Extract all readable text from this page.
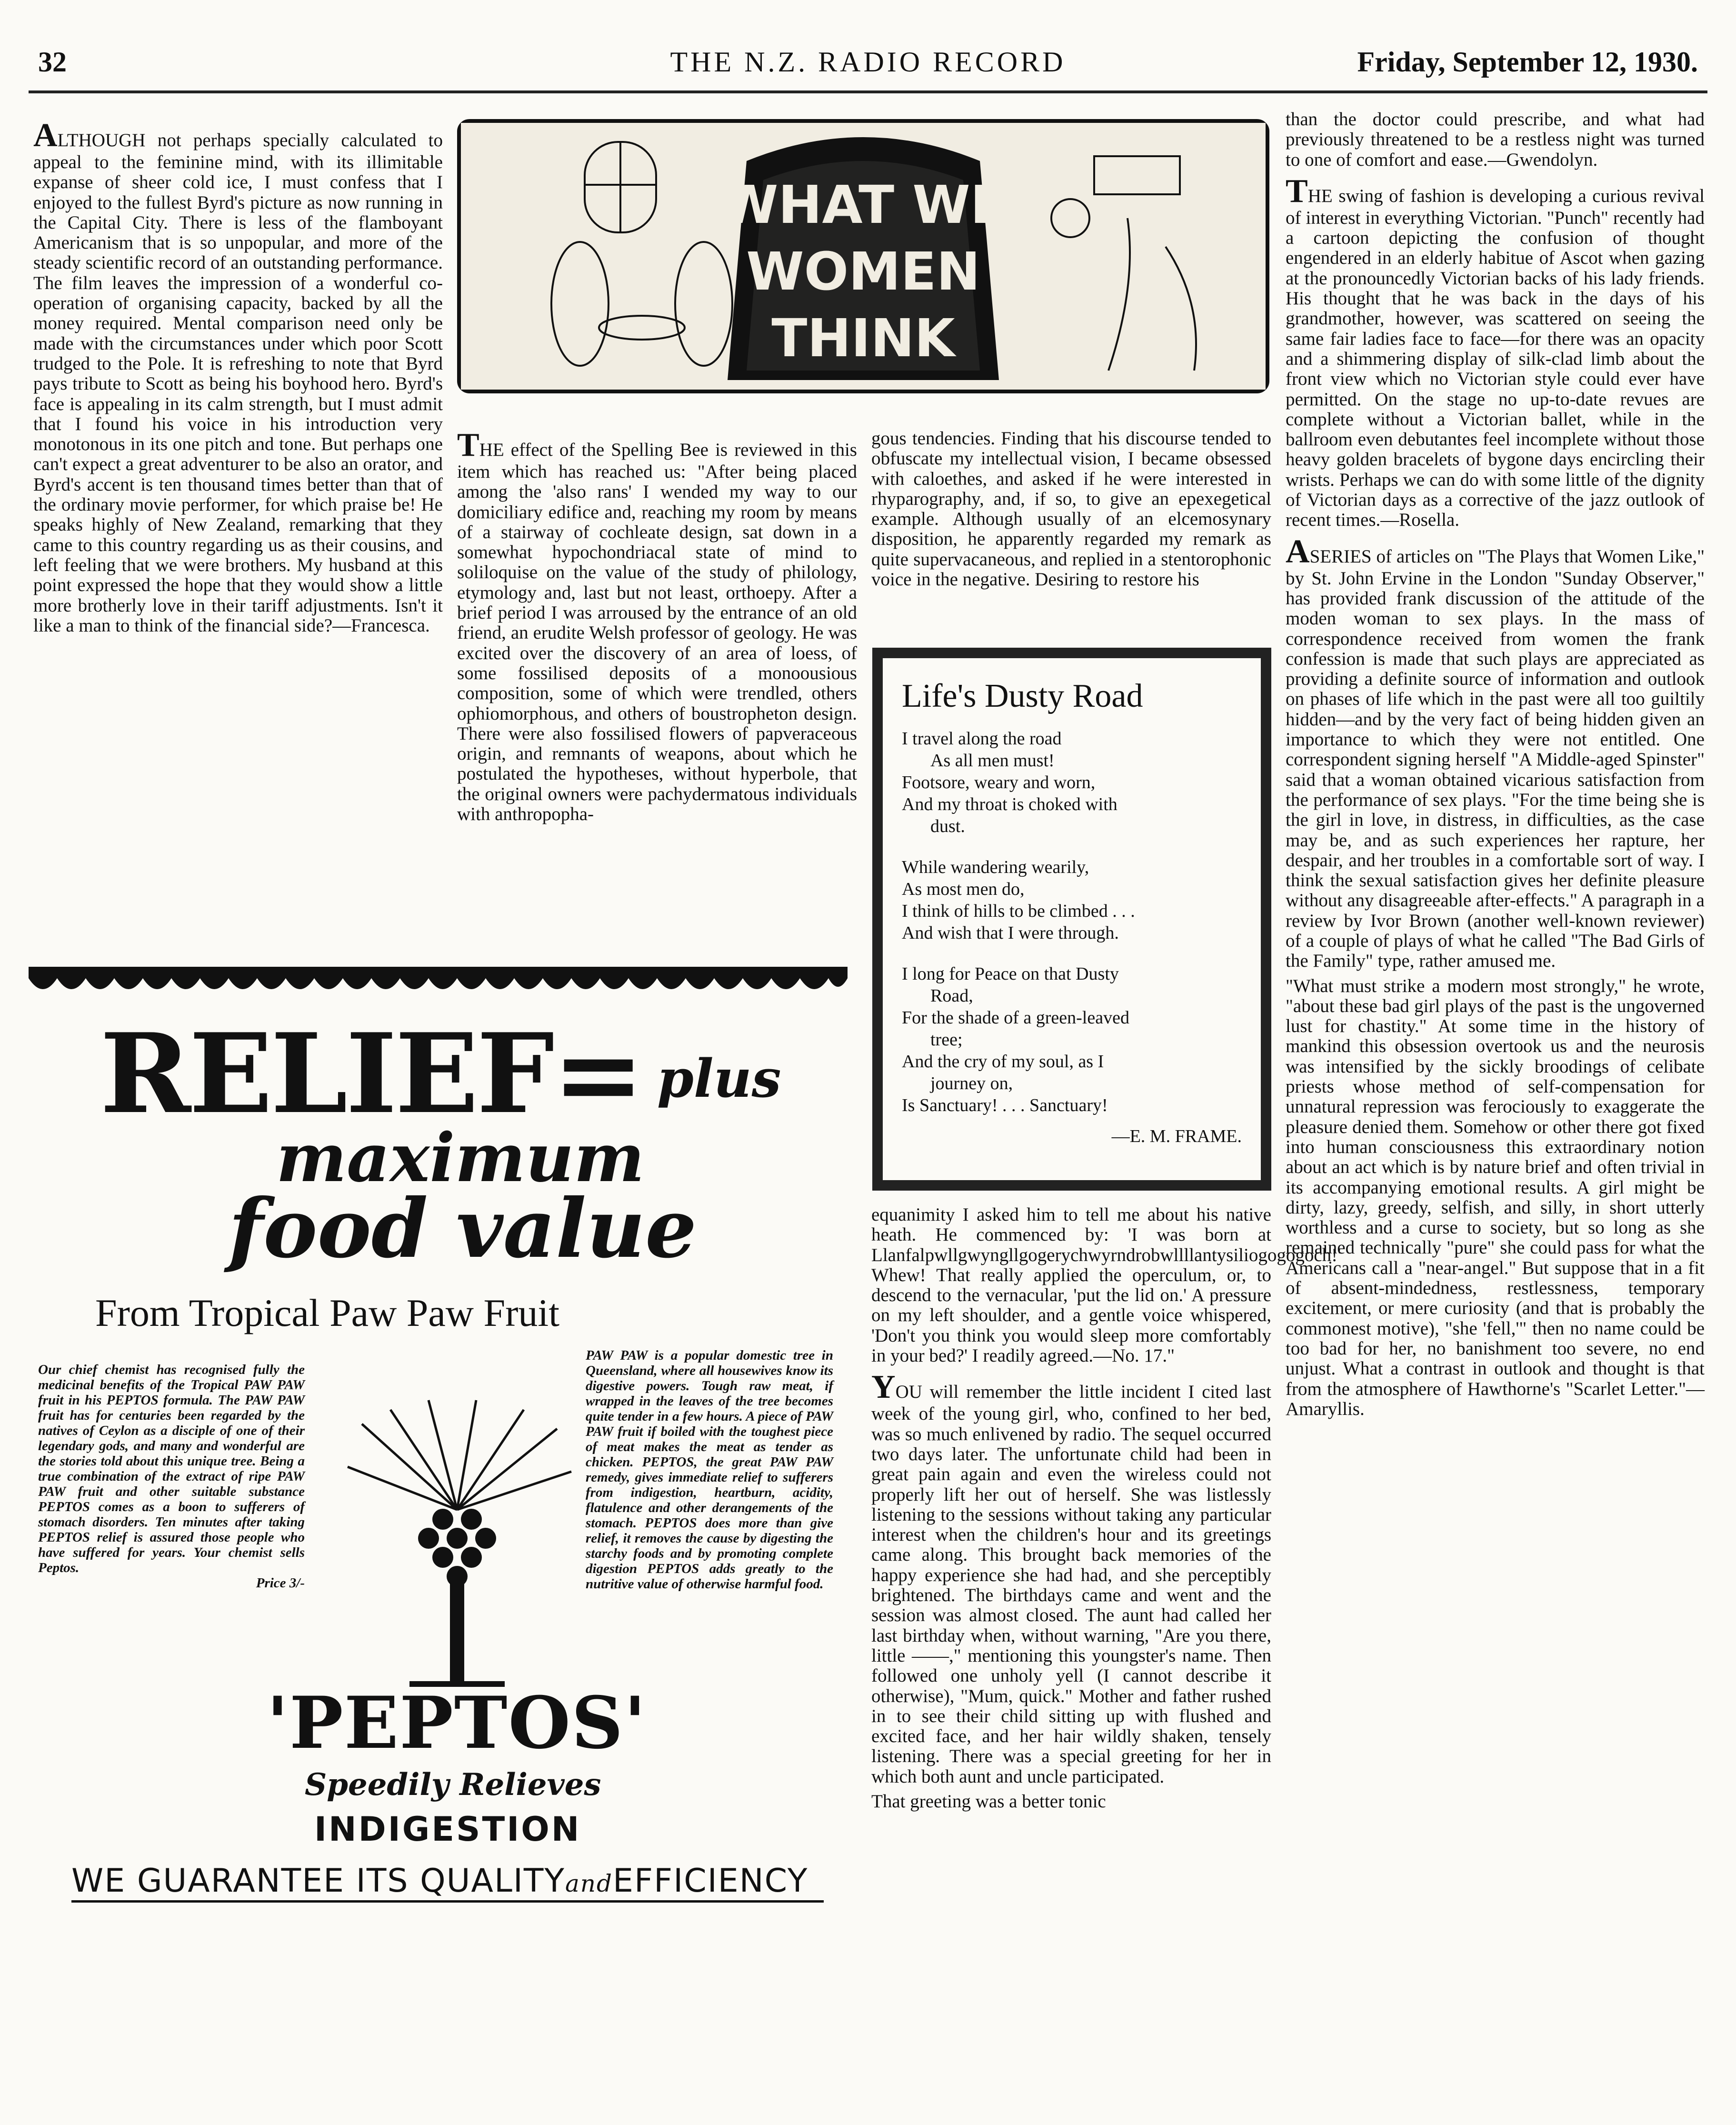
32	THE N.Z. RADIO RECORD	Friday, September 12, 1930.

ALTHOUGH not perhaps specially calculated to appeal to the feminine mind, with its illimitable expanse of sheer cold ice, I must confess that I enjoyed to the fullest Byrd's picture as now running in the Capital City. There is less of the flamboyant Americanism that is so unpopular, and more of the steady scientific record of an outstanding performance. The film leaves the impression of a wonderful co-operation of organising capacity, backed by all the money required. Mental comparison need only be made with the circumstances under which poor Scott trudged to the Pole. It is refreshing to note that Byrd pays tribute to Scott as being his boyhood hero. Byrd's face is appealing in its calm strength, but I must admit that I found his voice in his introduction very monotonous in its one pitch and tone. But perhaps one can't expect a great adventurer to be also an orator, and Byrd's accent is ten thousand times better than that of the ordinary movie performer, for which praise be! He speaks highly of New Zealand, remarking that they came to this country regarding us as their cousins, and left feeling that we were brothers. My husband at this point expressed the hope that they would show a little more brotherly love in their tariff adjustments. Isn't it like a man to think of the financial side?—Francesca.

WHAT WE
WOMEN
THINK

THE effect of the Spelling Bee is reviewed in this item which has reached us: "After being placed among the 'also rans' I wended my way to our domiciliary edifice and, reaching my room by means of a stairway of cochleate design, sat down in a somewhat hypochondriacal state of mind to soliloquise on the value of the study of philology, etymology and, last but not least, orthoepy. After a brief period I was arroused by the entrance of an old friend, an erudite Welsh professor of geology. He was excited over the discovery of an area of loess, of some fossilised deposits of a monoousious composition, some of which were trendled, others ophiomorphous, and others of boustropheton design. There were also fossilised flowers of papveraceous origin, and remnants of weapons, about which he postulated the hypotheses, without hyperbole, that the original owners were pachydermatous individuals with anthropopha-

gous tendencies. Finding that his discourse tended to obfuscate my intellectual vision, I became obsessed with caloethes, and asked if he were interested in rhyparography, and, if so, to give an epexegetical example. Although usually of an elcemosynary disposition, he apparently regarded my remark as quite supervacaneous, and replied in a stentorophonic voice in the negative. Desiring to restore his

Life's Dusty Road
I travel along the road
As all men must!
Footsore, weary and worn,
And my throat is choked with
dust.
While wandering wearily,
As most men do,
I think of hills to be climbed . . .
And wish that I were through.
I long for Peace on that Dusty
Road,
For the shade of a green-leaved
tree;
And the cry of my soul, as I
journey on,
Is Sanctuary! . . . Sanctuary!
—E. M. FRAME.

equanimity I asked him to tell me about his native heath. He commenced by: 'I was born at Llanfalpwllgwyngllgogerychwyrndrobwllllantysiliogogogoch!' Whew! That really applied the operculum, or, to descend to the vernacular, 'put the lid on.' A pressure on my left shoulder, and a gentle voice whispered, 'Don't you think you would sleep more comfortably in your bed?' I readily agreed.—No. 17."

YOU will remember the little incident I cited last week of the young girl, who, confined to her bed, was so much enlivened by radio. The sequel occurred two days later. The unfortunate child had been in great pain again and even the wireless could not properly lift her out of herself. She was listlessly listening to the sessions without taking any particular interest when the children's hour and its greetings came along. This brought back memories of the happy experience she had had, and she perceptibly brightened. The birthdays came and went and the session was almost closed. The aunt had called her last birthday when, without warning, "Are you there, little ——," mentioning this youngster's name. Then followed one unholy yell (I cannot describe it otherwise), "Mum, quick." Mother and father rushed in to see their child sitting up with flushed and excited face, and her hair wildly shaken, tensely listening. There was a special greeting for her in which both aunt and uncle participated.

That greeting was a better tonic

than the doctor could prescribe, and what had previously threatened to be a restless night was turned to one of comfort and ease.—Gwendolyn.

THE swing of fashion is developing a curious revival of interest in everything Victorian. "Punch" recently had a cartoon depicting the confusion of thought engendered in an elderly habitue of Ascot when gazing at the pronouncedly Victorian backs of his lady friends. His thought that he was back in the days of his grandmother, however, was scattered on seeing the same fair ladies face to face—for there was an opacity and a shimmering display of silk-clad limb about the front view which no Victorian style could ever have permitted. On the stage no up-to-date revues are complete without a Victorian ballet, while in the ballroom even debutantes feel incomplete without those heavy golden bracelets of bygone days encircling their wrists. Perhaps we can do with some little of the dignity of Victorian days as a corrective of the jazz outlook of recent times.—Rosella.

ASERIES of articles on "The Plays that Women Like," by St. John Ervine in the London "Sunday Observer," has provided frank discussion of the attitude of the moden woman to sex plays. In the mass of correspondence received from women the frank confession is made that such plays are appreciated as providing a definite source of information and outlook on phases of life which in the past were all too guiltily hidden—and by the very fact of being hidden given an importance to which they were not entitled. One correspondent signing herself "A Middle-aged Spinster" said that a woman obtained vicarious satisfaction from the performance of sex plays. "For the time being she is the girl in love, in distress, in difficulties, as the case may be, and as such experiences her rapture, her despair, and her troubles in a comfortable sort of way. I think the sexual satisfaction gives her definite pleasure without any disagreeable after-effects." A paragraph in a review by Ivor Brown (another well-known reviewer) of a couple of plays of what he called "The Bad Girls of the Family" type, rather amused me.

"What must strike a modern most strongly," he wrote, "about these bad girl plays of the past is the ungoverned lust for chastity." At some time in the history of mankind this obsession overtook us and the neurosis was intensified by the sickly broodings of celibate priests whose method of self-compensation for unnatural repression was ferociously to exaggerate the pleasure denied them. Somehow or other there got fixed into human consciousness this extraordinary notion about an act which is by nature brief and often trivial in its accompanying emotional results. A girl might be dirty, lazy, greedy, selfish, and silly, in short utterly worthless and a curse to society, but so long as she remained technically "pure" she could pass for what the Americans call a "near-angel." But suppose that in a fit of absent-mindedness, restlessness, temporary excitement, or mere curiosity (and that is probably the commonest motive), "she 'fell,'" then no name could be too bad for her, no banishment too severe, no end unjust. What a contrast in outlook and thought is that from the atmosphere of Hawthorne's "Scarlet Letter."—Amaryllis.

RELIEF= plus
maximum
food value
From Tropical Paw Paw Fruit
Our chief chemist has recognised fully the medicinal benefits of the Tropical PAW PAW fruit in his PEPTOS formula. The PAW PAW fruit has for centuries been regarded by the natives of Ceylon as a disciple of one of their legendary gods, and many and wonderful are the stories told about this unique tree. Being a true combination of the extract of ripe PAW PAW fruit and other suitable substance PEPTOS comes as a boon to sufferers of stomach disorders. Ten minutes after taking PEPTOS relief is assured those people who have suffered for years. Your chemist sells Peptos.
Price 3/-
PAW PAW is a popular domestic tree in Queensland, where all housewives know its digestive powers. Tough raw meat, if wrapped in the leaves of the tree becomes quite tender in a few hours. A piece of PAW PAW fruit if boiled with the toughest piece of meat makes the meat as tender as chicken. PEPTOS, the great PAW PAW remedy, gives immediate relief to sufferers from indigestion, heartburn, acidity, flatulence and other derangements of the stomach. PEPTOS does more than give relief, it removes the cause by digesting the starchy foods and by promoting complete digestion PEPTOS adds greatly to the nutritive value of otherwise harmful food.
'PEPTOS'
Speedily Relieves
INDIGESTION
WE GUARANTEE ITS QUALITYandEFFICIENCY
